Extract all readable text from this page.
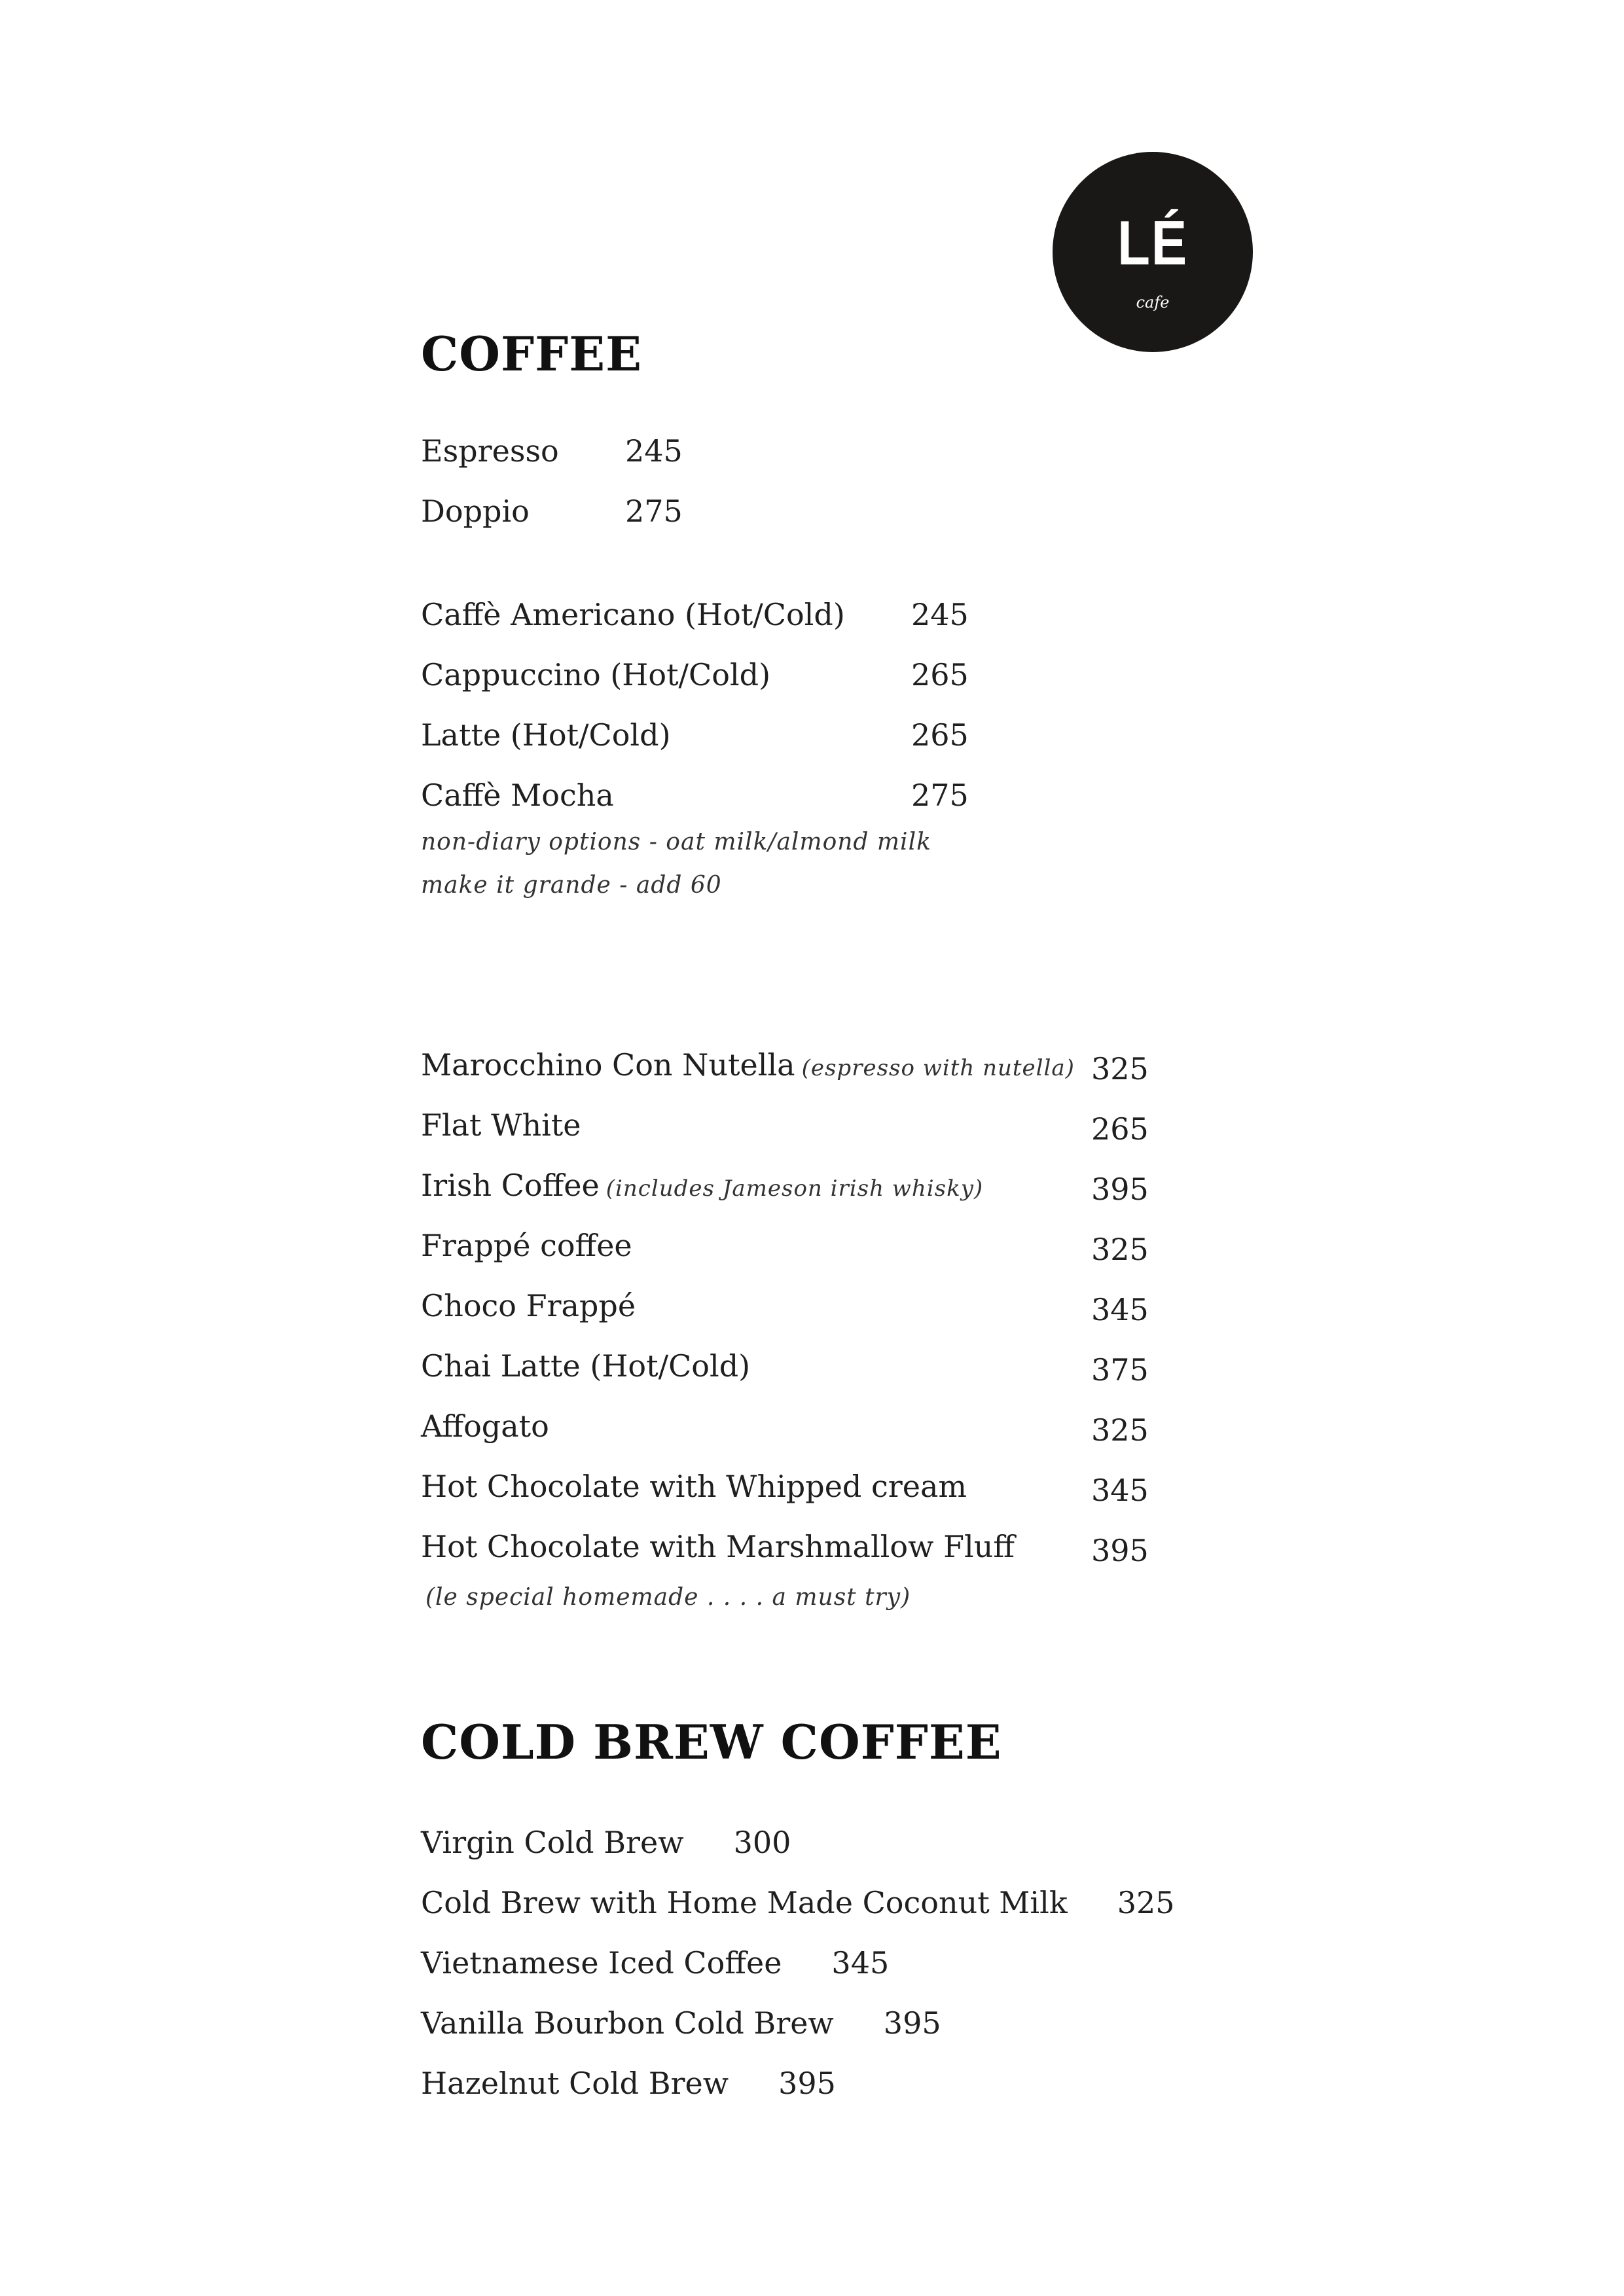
LÉ
cafe
COFFEE
Espresso 245
Doppio	275
Caffè Americano (Hot/Cold) 245
Cappuccino (Hot/Cold)	265
Latte (Hot/Cold)	265
Caffè Mocha	275
non-diary options - oat milk/almond milk
make it grande - add 60
Marocchino Con Nutella (espresso with nutella) 325
Flat White	265
Irish Coffee (includes Jameson irish whisky)	395
Frappé coffee	325
Choco Frappé	345
Chai Latte (Hot/Cold)	375
Affogato	325
Hot Chocolate with Whipped cream	345
Hot Chocolate with Marshmallow Fluff	395
(le special homemade . . . . a must try)
COLD BREW COFFEE
Virgin Cold Brew 300
Cold Brew with Home Made Coconut Milk 325
Vietnamese Iced Coffee 345
Vanilla Bourbon Cold Brew 395
Hazelnut Cold Brew 395
